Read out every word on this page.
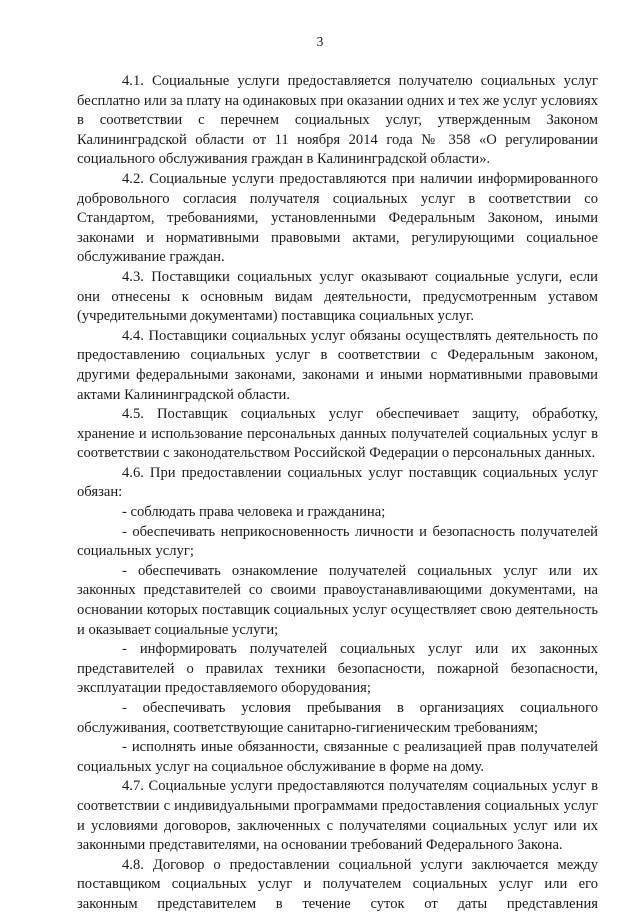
3

4.1. Социальные услуги предоставляется получателю социальных услуг бесплатно или за плату на одинаковых при оказании одних и тех же услуг условиях в соответствии с перечнем социальных услуг, утвержденным Законом Калининградской области от 11 ноября 2014 года № 358 «О регулировании социального обслуживания граждан в Калининградской области».

4.2. Социальные услуги предоставляются при наличии информированного добровольного согласия получателя социальных услуг в соответствии со Стандартом, требованиями, установленными Федеральным Законом, иными законами и нормативными правовыми актами, регулирующими социальное обслуживание граждан.

4.3. Поставщики социальных услуг оказывают социальные услуги, если они отнесены к основным видам деятельности, предусмотренным уставом (учредительными документами) поставщика социальных услуг.

4.4. Поставщики социальных услуг обязаны осуществлять деятельность по предоставлению социальных услуг в соответствии с Федеральным законом, другими федеральными законами, законами и иными нормативными правовыми актами Калининградской области.

4.5. Поставщик социальных услуг обеспечивает защиту, обработку, хранение и использование персональных данных получателей социальных услуг в соответствии с законодательством Российской Федерации о персональных данных.

4.6. При предоставлении социальных услуг поставщик социальных услуг обязан:

- соблюдать права человека и гражданина;

- обеспечивать неприкосновенность личности и безопасность получателей социальных услуг;

- обеспечивать ознакомление получателей социальных услуг или их законных представителей со своими правоустанавливающими документами, на основании которых поставщик социальных услуг осуществляет свою деятельность и оказывает социальные услуги;

- информировать получателей социальных услуг или их законных представителей о правилах техники безопасности, пожарной безопасности, эксплуатации предоставляемого оборудования;

- обеспечивать условия пребывания в организациях социального обслуживания, соответствующие санитарно-гигиеническим требованиям;

- исполнять иные обязанности, связанные с реализацией прав получателей социальных услуг на социальное обслуживание в форме на дому.

4.7. Социальные услуги предоставляются получателям социальных услуг в соответствии с индивидуальными программами предоставления социальных услуг и условиями договоров, заключенных с получателями социальных услуг или их законными представителями, на основании требований Федерального Закона.

4.8. Договор о предоставлении социальной услуги заключается между поставщиком социальных услуг и получателем социальных услуг или его законным представителем в течение суток от даты представления
